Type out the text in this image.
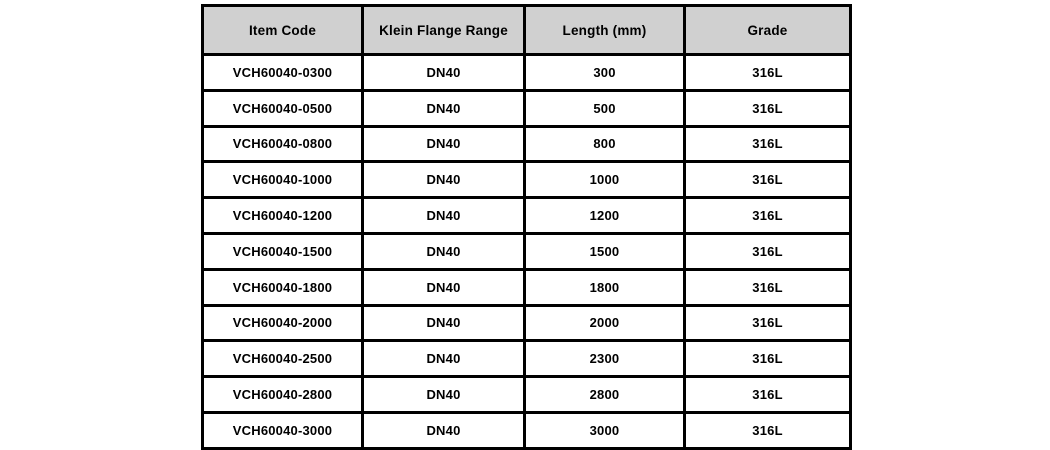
Item Code	Klein Flange Range	Length (mm)	Grade
VCH60040-0300	DN40	300	316L
VCH60040-0500	DN40	500	316L
VCH60040-0800	DN40	800	316L
VCH60040-1000	DN40	1000	316L
VCH60040-1200	DN40	1200	316L
VCH60040-1500	DN40	1500	316L
VCH60040-1800	DN40	1800	316L
VCH60040-2000	DN40	2000	316L
VCH60040-2500	DN40	2300	316L
VCH60040-2800	DN40	2800	316L
VCH60040-3000	DN40	3000	316L
